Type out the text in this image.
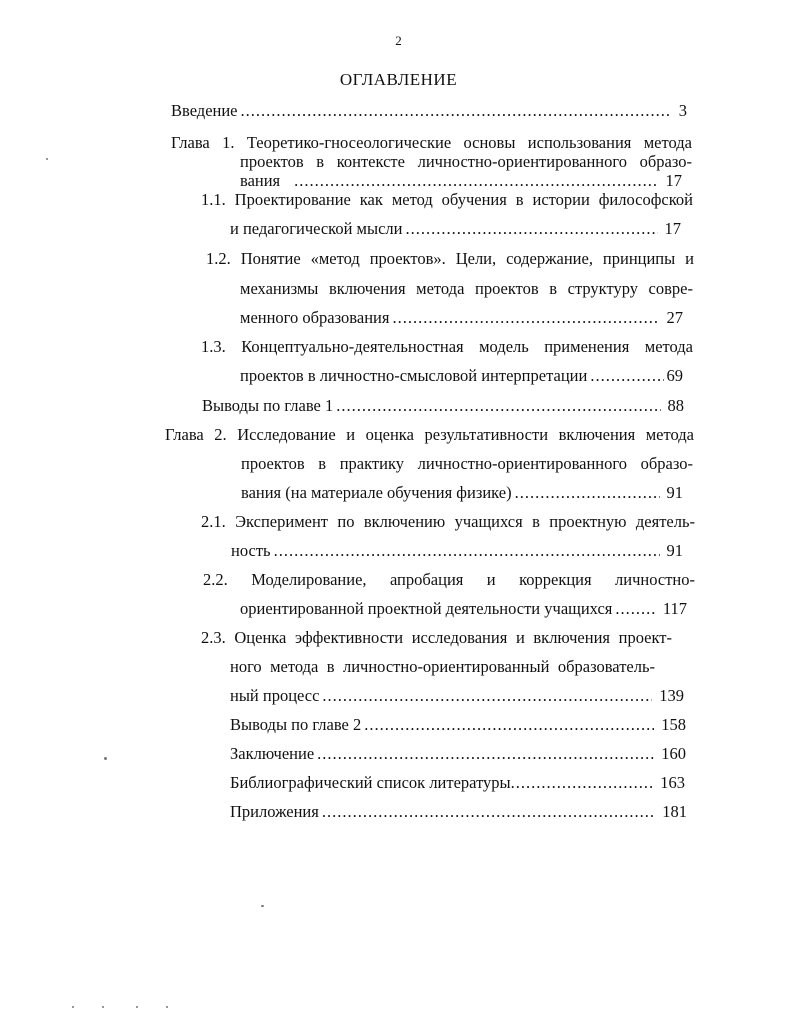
2
ОГЛАВЛЕНИЕ
Введение .....	3
Глава 1. Теоретико-гносеологические основы использования метода
проектов в контексте личностно-ориентированного образо-
вания .....	17
1.1. Проектирование как метод обучения в истории философской
и педагогической мысли .....	17
1.2. Понятие «метод проектов». Цели, содержание, принципы и
механизмы включения метода проектов в структуру совре-
менного образования .....	27
1.3. Концептуально-деятельностная модель применения метода
проектов в личностно-смысловой интерпретации .....	69
Выводы по главе 1 .....	88
Глава 2. Исследование и оценка результативности включения метода
проектов в практику личностно-ориентированного образо-
вания (на материале обучения физике) .....	91
2.1. Эксперимент по включению учащихся в проектную деятель-
ность .....	91
2.2. Моделирование, апробация и коррекция личностно-
ориентированной проектной деятельности учащихся .....	117
2.3. Оценка эффективности исследования и включения проект-
ного метода в личностно-ориентированный образователь-
ный процесс .....	139
Выводы по главе 2 .....	158
Заключение .....	160
Библиографический список литературы .....	163
Приложения .....	181
